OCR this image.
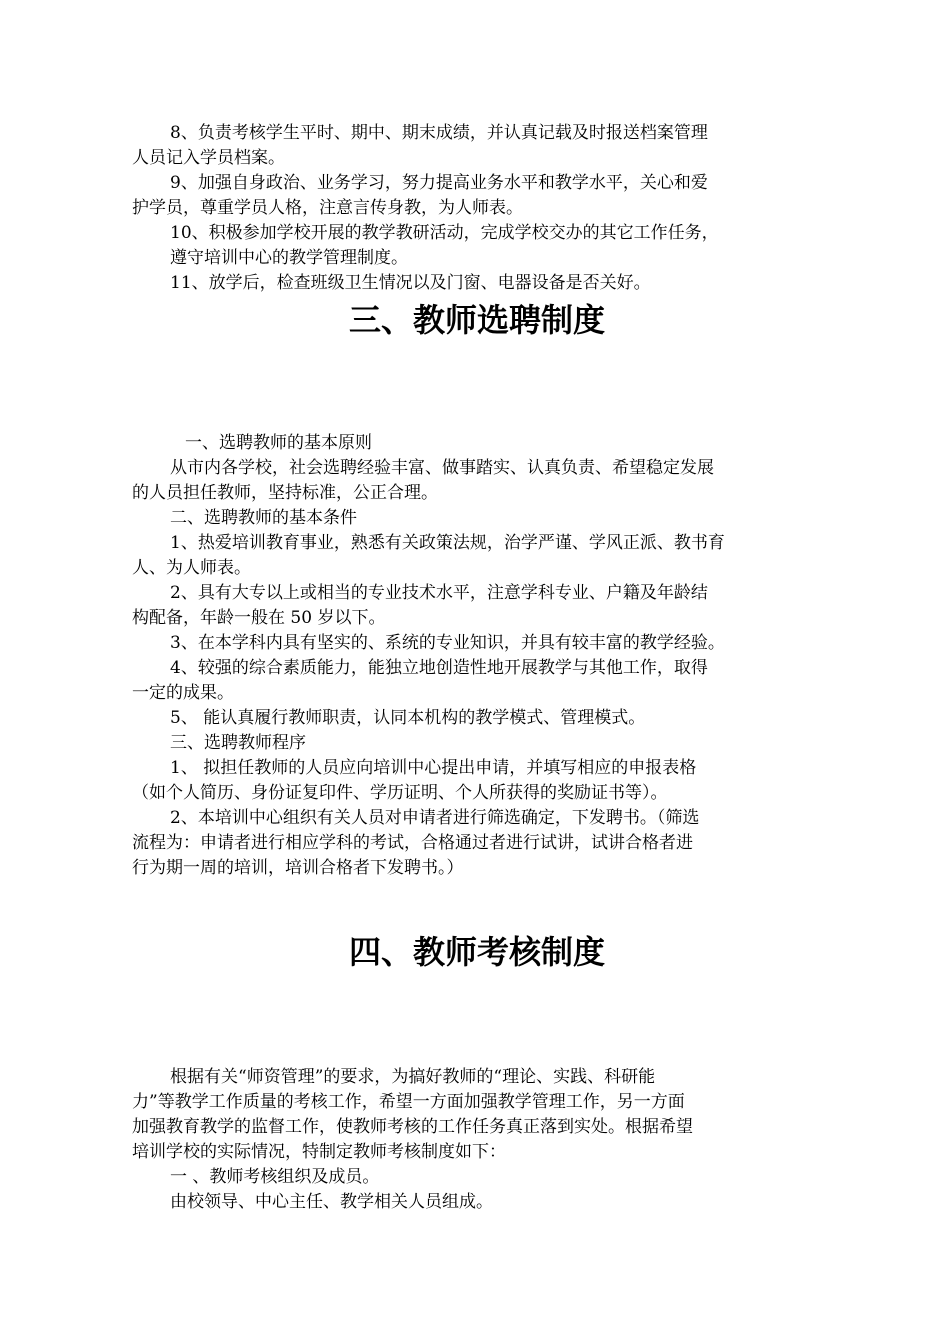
8、负责考核学生平时、期中、期末成绩，并认真记载及时报送档案管理
人员记入学员档案。
9、加强自身政治、业务学习，努力提高业务水平和教学水平，关心和爱
护学员，尊重学员人格，注意言传身教，为人师表。
10、积极参加学校开展的教学教研活动，完成学校交办的其它工作任务，
遵守培训中心的教学管理制度。
11、放学后，检查班级卫生情况以及门窗、电器设备是否关好。
三、教师选聘制度
一、选聘教师的基本原则
从市内各学校，社会选聘经验丰富、做事踏实、认真负责、希望稳定发展
的人员担任教师，坚持标准，公正合理。
二、选聘教师的基本条件
1、热爱培训教育事业，熟悉有关政策法规，治学严谨、学风正派、教书育
人、为人师表。
2、具有大专以上或相当的专业技术水平，注意学科专业、户籍及年龄结
构配备，年龄一般在 50 岁以下。
3、在本学科内具有坚实的、系统的专业知识，并具有较丰富的教学经验。
4、较强的综合素质能力，能独立地创造性地开展教学与其他工作，取得
一定的成果。
5、 能认真履行教师职责，认同本机构的教学模式、管理模式。
三、选聘教师程序
1、 拟担任教师的人员应向培训中心提出申请，并填写相应的申报表格
（如个人简历、身份证复印件、学历证明、个人所获得的奖励证书等）。
2、本培训中心组织有关人员对申请者进行筛选确定，下发聘书。（筛选
流程为：申请者进行相应学科的考试，合格通过者进行试讲，试讲合格者进
行为期一周的培训，培训合格者下发聘书。）
四、教师考核制度
根据有关“师资管理”的要求，为搞好教师的“理论、实践、科研能
力”等教学工作质量的考核工作，希望一方面加强教学管理工作，另一方面
加强教育教学的监督工作，使教师考核的工作任务真正落到实处。根据希望
培训学校的实际情况，特制定教师考核制度如下：
一 、教师考核组织及成员。
由校领导、中心主任、教学相关人员组成。
